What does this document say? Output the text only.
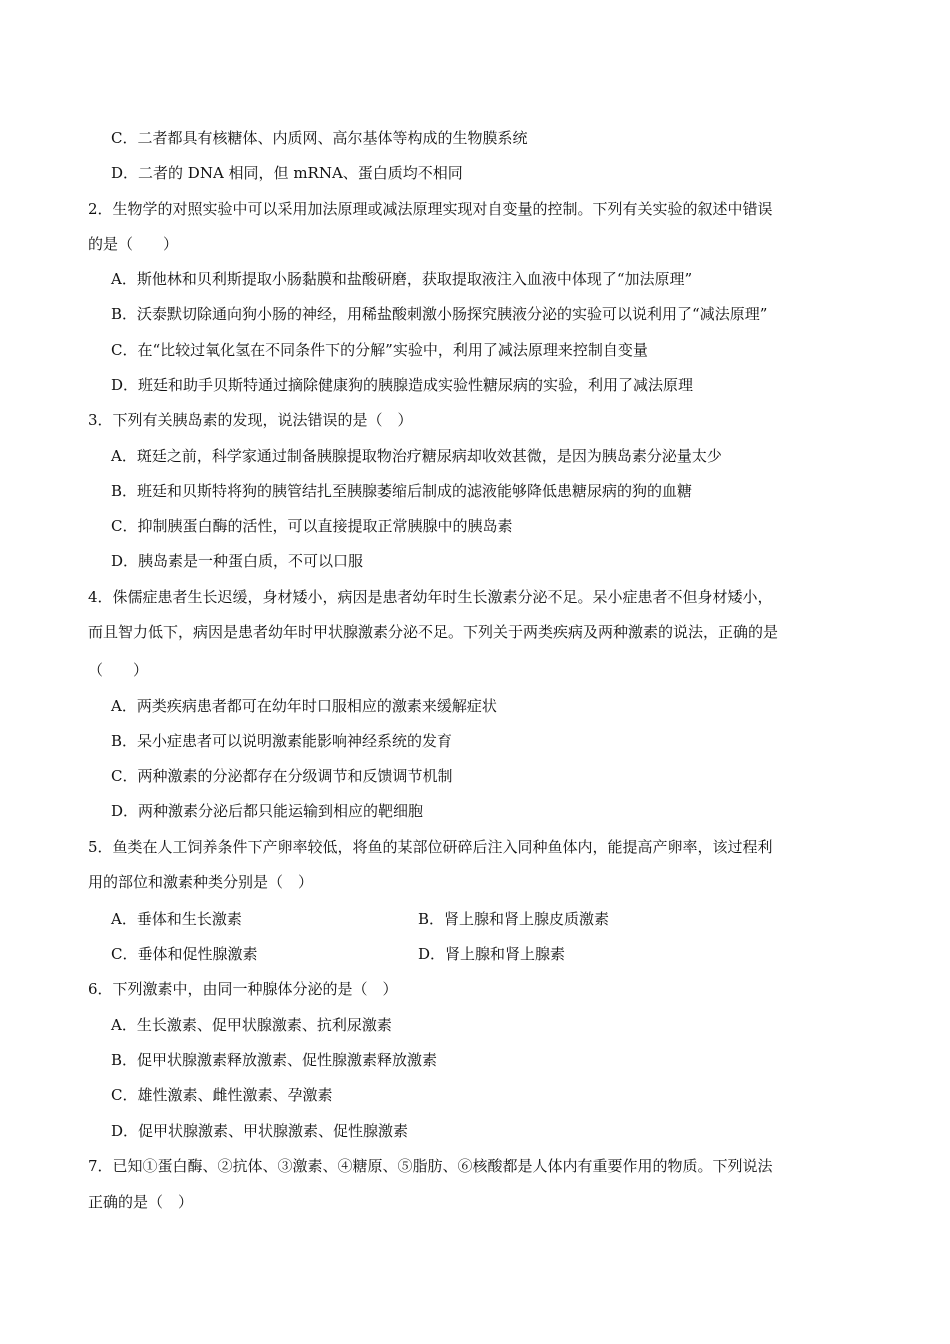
C．二者都具有核糖体、内质网、高尔基体等构成的生物膜系统
D．二者的 DNA 相同，但 mRNA、蛋白质均不相同
2．生物学的对照实验中可以采用加法原理或减法原理实现对自变量的控制。下列有关实验的叙述中错误
的是（　　）
A．斯他林和贝利斯提取小肠黏膜和盐酸研磨，获取提取液注入血液中体现了“加法原理”
B．沃泰默切除通向狗小肠的神经，用稀盐酸刺激小肠探究胰液分泌的实验可以说利用了“减法原理”
C．在“比较过氧化氢在不同条件下的分解”实验中，利用了减法原理来控制自变量
D．班廷和助手贝斯特通过摘除健康狗的胰腺造成实验性糖尿病的实验，利用了减法原理
3．下列有关胰岛素的发现，说法错误的是（　）
A．斑廷之前，科学家通过制备胰腺提取物治疗糖尿病却收效甚微，是因为胰岛素分泌量太少
B．班廷和贝斯特将狗的胰管结扎至胰腺萎缩后制成的滤液能够降低患糖尿病的狗的血糖
C．抑制胰蛋白酶的活性，可以直接提取正常胰腺中的胰岛素
D．胰岛素是一种蛋白质，不可以口服
4．侏儒症患者生长迟缓，身材矮小，病因是患者幼年时生长激素分泌不足。呆小症患者不但身材矮小，
而且智力低下，病因是患者幼年时甲状腺激素分泌不足。下列关于两类疾病及两种激素的说法，正确的是
（　　）
A．两类疾病患者都可在幼年时口服相应的激素来缓解症状
B．呆小症患者可以说明激素能影响神经系统的发育
C．两种激素的分泌都存在分级调节和反馈调节机制
D．两种激素分泌后都只能运输到相应的靶细胞
5．鱼类在人工饲养条件下产卵率较低，将鱼的某部位研碎后注入同种鱼体内，能提高产卵率，该过程利
用的部位和激素种类分别是（　）
A．垂体和生长激素	B．肾上腺和肾上腺皮质激素
C．垂体和促性腺激素	D．肾上腺和肾上腺素
6．下列激素中，由同一种腺体分泌的是（　）
A．生长激素、促甲状腺激素、抗利尿激素
B．促甲状腺激素释放激素、促性腺激素释放激素
C．雄性激素、雌性激素、孕激素
D．促甲状腺激素、甲状腺激素、促性腺激素
7．已知①蛋白酶、②抗体、③激素、④糖原、⑤脂肪、⑥核酸都是人体内有重要作用的物质。下列说法
正确的是（　）
